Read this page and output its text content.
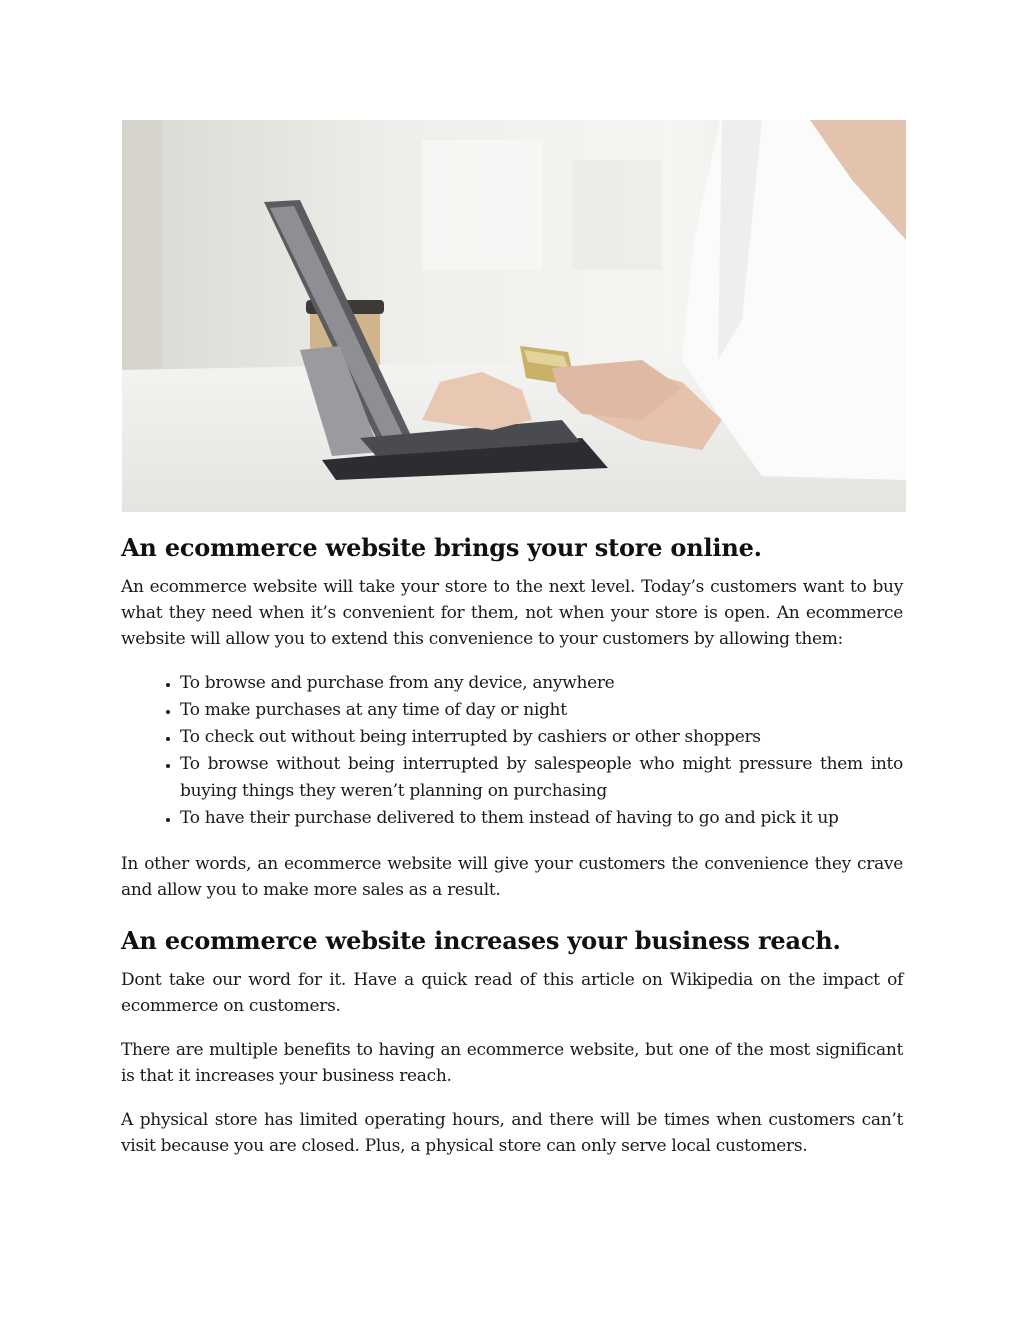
An ecommerce website brings your store online.

An ecommerce website will take your store to the next level. Today’s customers want to buy what they need when it’s convenient for them, not when your store is open. An ecommerce website will allow you to extend this convenience to your customers by allowing them:

• To browse and purchase from any device, anywhere
• To make purchases at any time of day or night
• To check out without being interrupted by cashiers or other shoppers
• To browse without being interrupted by salespeople who might pressure them into buying things they weren’t planning on purchasing
• To have their purchase delivered to them instead of having to go and pick it up

In other words, an ecommerce website will give your customers the convenience they crave and allow you to make more sales as a result.

An ecommerce website increases your business reach.

Dont take our word for it. Have a quick read of this article on Wikipedia on the impact of ecommerce on customers.

There are multiple benefits to having an ecommerce website, but one of the most significant is that it increases your business reach.

A physical store has limited operating hours, and there will be times when customers can’t visit because you are closed. Plus, a physical store can only serve local customers.
